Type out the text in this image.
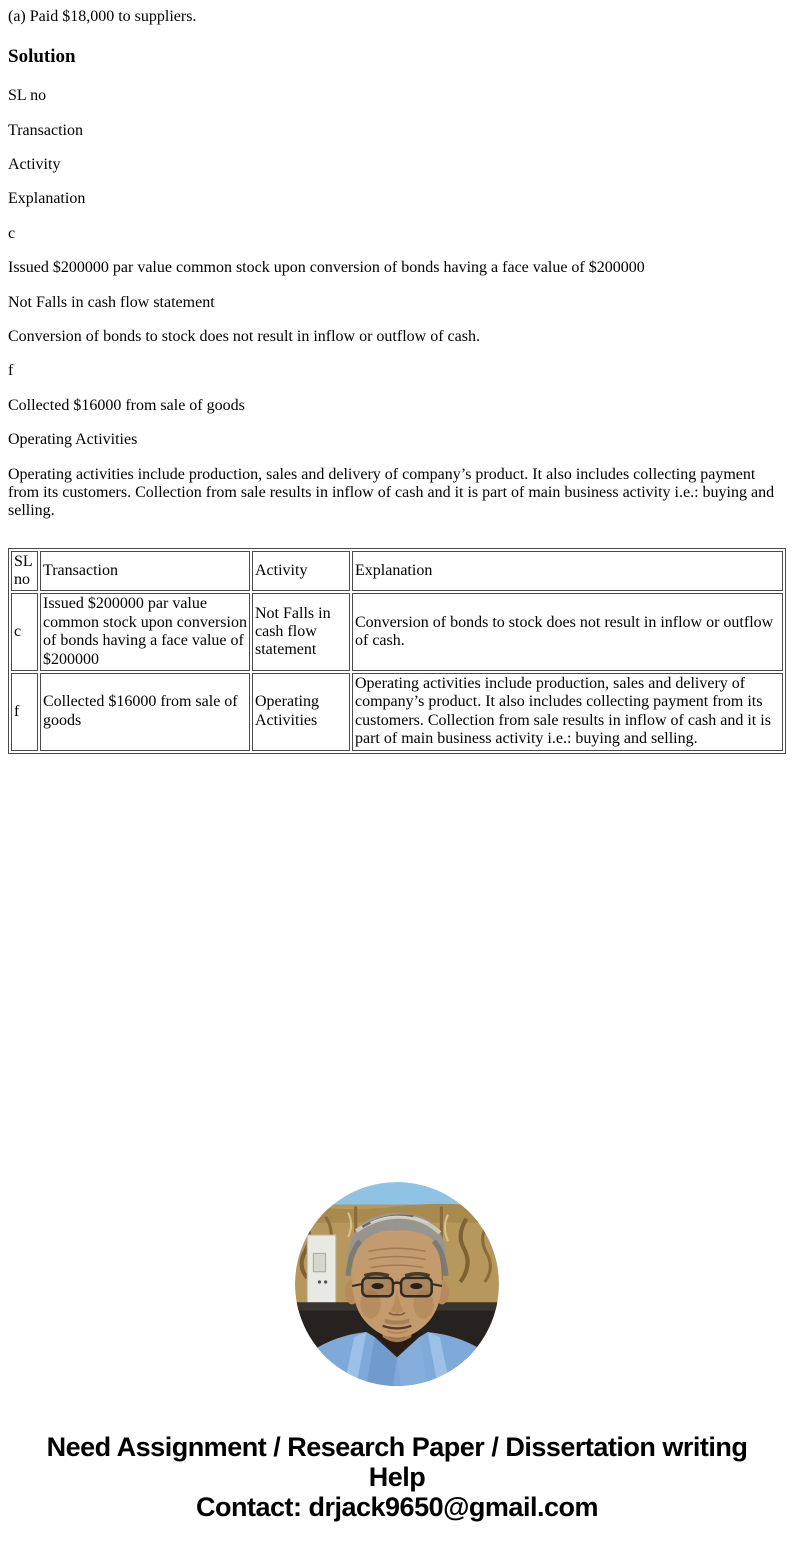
(a) Paid $18,000 to suppliers.

Solution

SL no

Transaction

Activity

Explanation

c

Issued $200000 par value common stock upon conversion of bonds having a face value of $200000

Not Falls in cash flow statement

Conversion of bonds to stock does not result in inflow or outflow of cash.

f

Collected $16000 from sale of goods

Operating Activities

Operating activities include production, sales and delivery of company’s product. It also includes collecting payment from its customers. Collection from sale results in inflow of cash and it is part of main business activity i.e.: buying and selling.

SL no	Transaction	Activity	Explanation
c	Issued $200000 par value common stock upon conversion of bonds having a face value of $200000	Not Falls in cash flow statement	Conversion of bonds to stock does not result in inflow or outflow of cash.
f	Collected $16000 from sale of goods	Operating Activities	Operating activities include production, sales and delivery of company’s product. It also includes collecting payment from its customers. Collection from sale results in inflow of cash and it is part of main business activity i.e.: buying and selling.
Need Assignment / Research Paper / Dissertation writing Help
Contact: drjack9650@gmail.com
